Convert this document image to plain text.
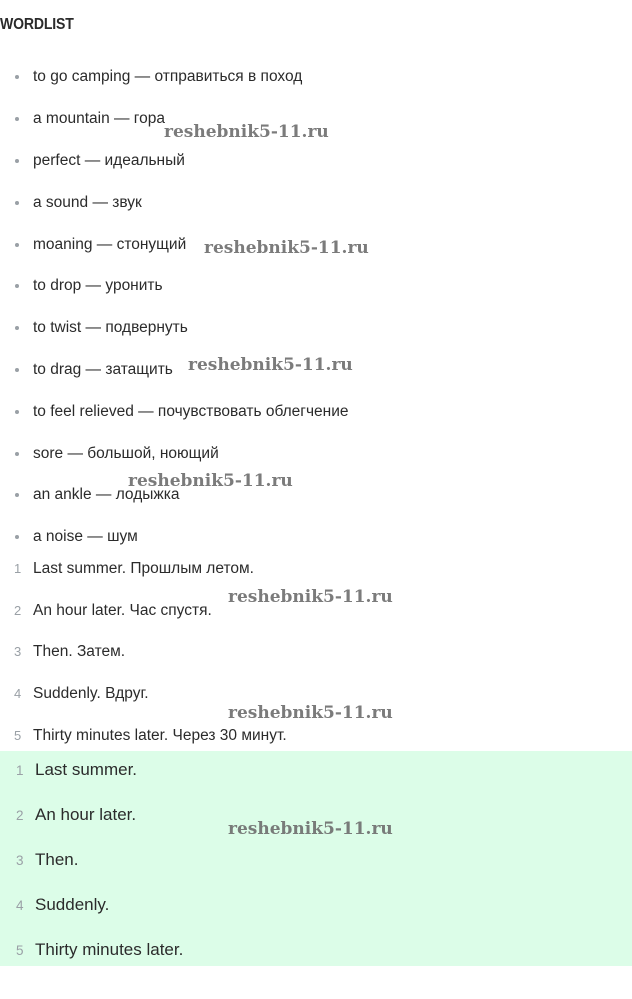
WORDLIST
to go camping — отправиться в поход
a mountain — гора
perfect — идеальный
a sound — звук
moaning — стонущий
to drop — уронить
to twist — подвернуть
to drag — затащить
to feel relieved — почувствовать облегчение
sore — большой, ноющий
an ankle — лодыжка
a noise — шум
1 Last summer. Прошлым летом.
2 An hour later. Час спустя.
3 Then. Затем.
4 Suddenly. Вдруг.
5 Thirty minutes later. Через 30 минут.
1 Last summer.
2 An hour later.
3 Then.
4 Suddenly.
5 Thirty minutes later.
reshebnik5-11.ru
reshebnik5-11.ru
reshebnik5-11.ru
reshebnik5-11.ru
reshebnik5-11.ru
reshebnik5-11.ru
reshebnik5-11.ru
